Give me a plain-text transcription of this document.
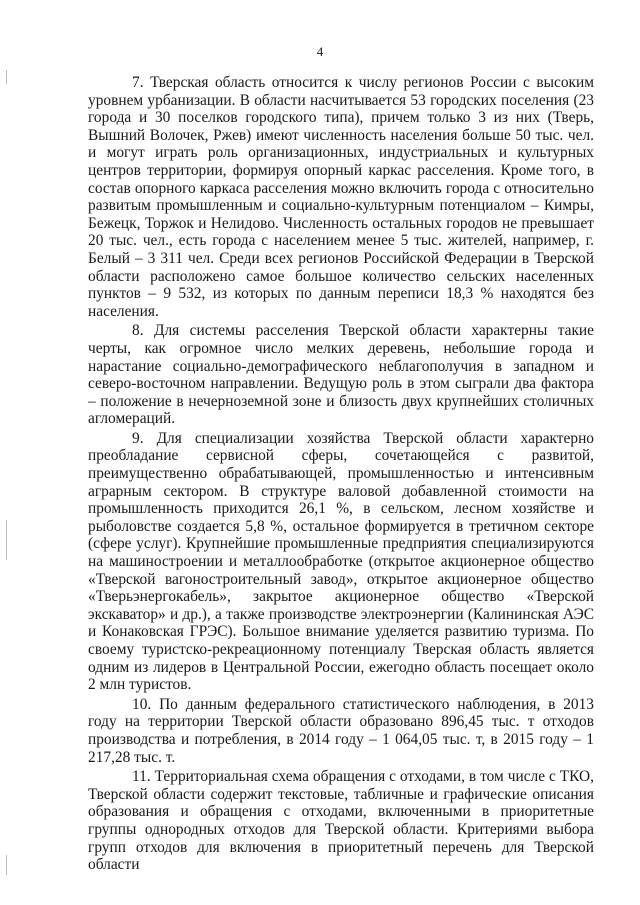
4

7. Тверская область относится к числу регионов России с высоким уровнем урбанизации. В области насчитывается 53 городских поселения (23 города и 30 поселков городского типа), причем только 3 из них (Тверь, Вышний Волочек, Ржев) имеют численность населения больше 50 тыс. чел. и могут играть роль организационных, индустриальных и культурных центров территории, формируя опорный каркас расселения. Кроме того, в состав опорного каркаса расселения можно включить города с относительно развитым промышленным и социально-культурным потенциалом – Кимры, Бежецк, Торжок и Нелидово. Численность остальных городов не превышает 20 тыс. чел., есть города с населением менее 5 тыс. жителей, например, г. Белый – 3 311 чел. Среди всех регионов Российской Федерации в Тверской области расположено самое большое количество сельских населенных пунктов – 9 532, из которых по данным переписи 18,3 % находятся без населения.

8. Для системы расселения Тверской области характерны такие черты, как огромное число мелких деревень, небольшие города и нарастание социально-демографического неблагополучия в западном и северо-восточном направлении. Ведущую роль в этом сыграли два фактора – положение в нечерноземной зоне и близость двух крупнейших столичных агломераций.

9. Для специализации хозяйства Тверской области характерно преобладание сервисной сферы, сочетающейся с развитой, преимущественно обрабатывающей, промышленностью и интенсивным аграрным сектором. В структуре валовой добавленной стоимости на промышленность приходится 26,1 %, в сельском, лесном хозяйстве и рыболовстве создается 5,8 %, остальное формируется в третичном секторе (сфере услуг). Крупнейшие промышленные предприятия специализируются на машиностроении и металлообработке (открытое акционерное общество «Тверской вагоностроительный завод», открытое акционерное общество «Тверьэнергокабель», закрытое акционерное общество «Тверской экскаватор» и др.), а также производстве электроэнергии (Калининская АЭС и Конаковская ГРЭС). Большое внимание уделяется развитию туризма. По своему туристско-рекреационному потенциалу Тверская область является одним из лидеров в Центральной России, ежегодно область посещает около 2 млн туристов.

10. По данным федерального статистического наблюдения, в 2013 году на территории Тверской области образовано 896,45 тыс. т отходов производства и потребления, в 2014 году – 1 064,05 тыс. т, в 2015 году – 1 217,28 тыс. т.

11. Территориальная схема обращения с отходами, в том числе с ТКО, Тверской области содержит текстовые, табличные и графические описания образования и обращения с отходами, включенными в приоритетные группы однородных отходов для Тверской области. Критериями выбора групп отходов для включения в приоритетный перечень для Тверской области
